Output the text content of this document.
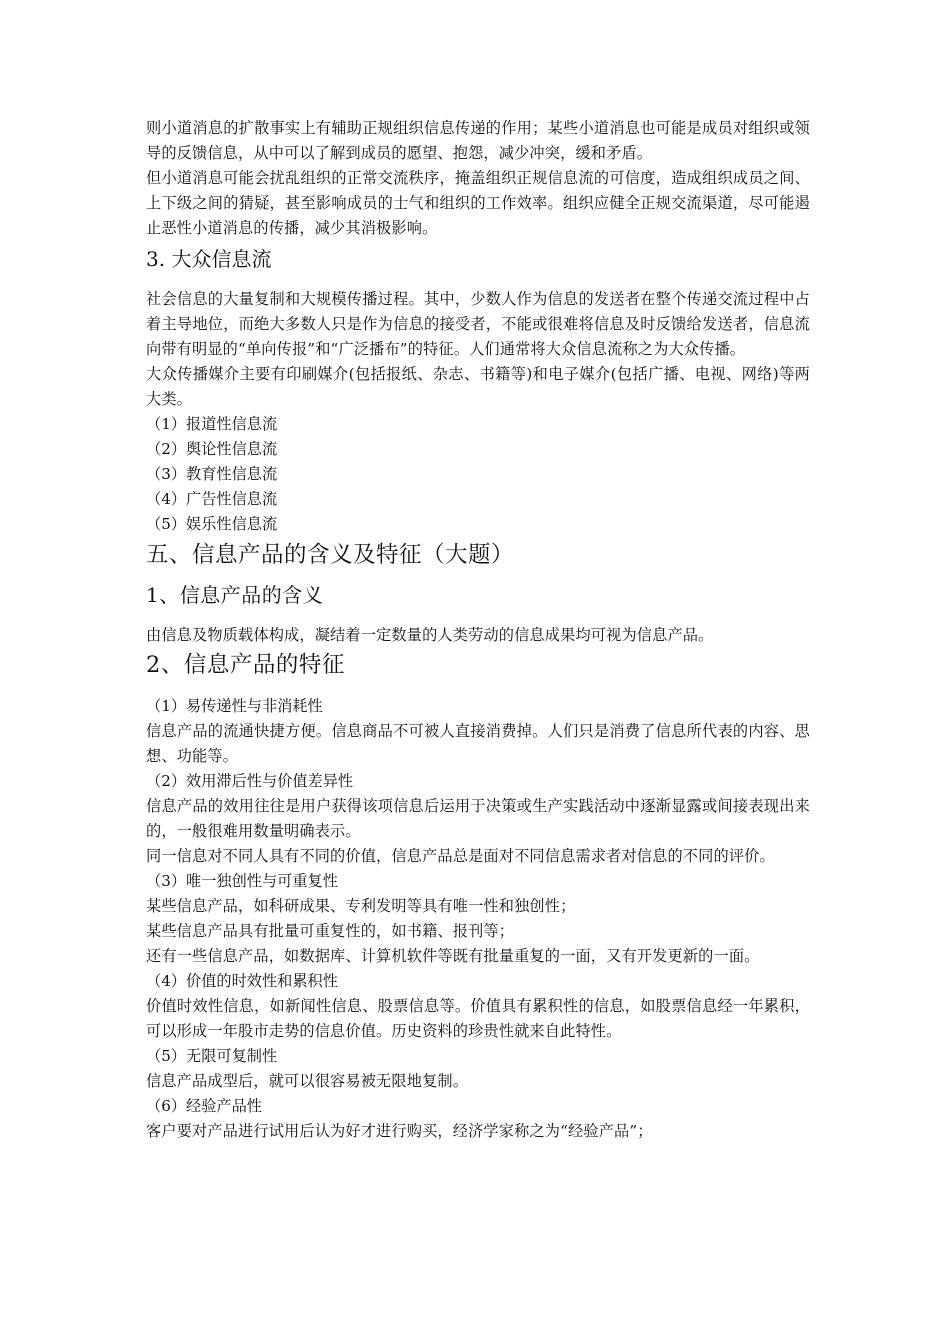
则小道消息的扩散事实上有辅助正规组织信息传递的作用；某些小道消息也可能是成员对组织或领导的反馈信息，从中可以了解到成员的愿望、抱怨，减少冲突，缓和矛盾。

但小道消息可能会扰乱组织的正常交流秩序，掩盖组织正规信息流的可信度，造成组织成员之间、上下级之间的猜疑，甚至影响成员的士气和组织的工作效率。组织应健全正规交流渠道，尽可能遏止恶性小道消息的传播，减少其消极影响。

3. 大众信息流

社会信息的大量复制和大规模传播过程。其中，少数人作为信息的发送者在整个传递交流过程中占着主导地位，而绝大多数人只是作为信息的接受者，不能或很难将信息及时反馈给发送者，信息流向带有明显的“单向传报”和“广泛播布”的特征。人们通常将大众信息流称之为大众传播。

大众传播媒介主要有印刷媒介(包括报纸、杂志、书籍等)和电子媒介(包括广播、电视、网络)等两大类。

（1）报道性信息流

（2）舆论性信息流

（3）教育性信息流

（4）广告性信息流

（5）娱乐性信息流

五、信息产品的含义及特征（大题）
1、信息产品的含义

由信息及物质载体构成，凝结着一定数量的人类劳动的信息成果均可视为信息产品。

2、信息产品的特征

（1）易传递性与非消耗性

信息产品的流通快捷方便。信息商品不可被人直接消费掉。人们只是消费了信息所代表的内容、思想、功能等。

（2）效用滞后性与价值差异性

信息产品的效用往往是用户获得该项信息后运用于决策或生产实践活动中逐渐显露或间接表现出来的，一般很难用数量明确表示。

同一信息对不同人具有不同的价值，信息产品总是面对不同信息需求者对信息的不同的评价。

（3）唯一独创性与可重复性

某些信息产品，如科研成果、专利发明等具有唯一性和独创性；

某些信息产品具有批量可重复性的，如书籍、报刊等；

还有一些信息产品，如数据库、计算机软件等既有批量重复的一面，又有开发更新的一面。

（4）价值的时效性和累积性

价值时效性信息，如新闻性信息、股票信息等。价值具有累积性的信息，如股票信息经一年累积，可以形成一年股市走势的信息价值。历史资料的珍贵性就来自此特性。

（5）无限可复制性

信息产品成型后，就可以很容易被无限地复制。

（6）经验产品性

客户要对产品进行试用后认为好才进行购买，经济学家称之为“经验产品”；
